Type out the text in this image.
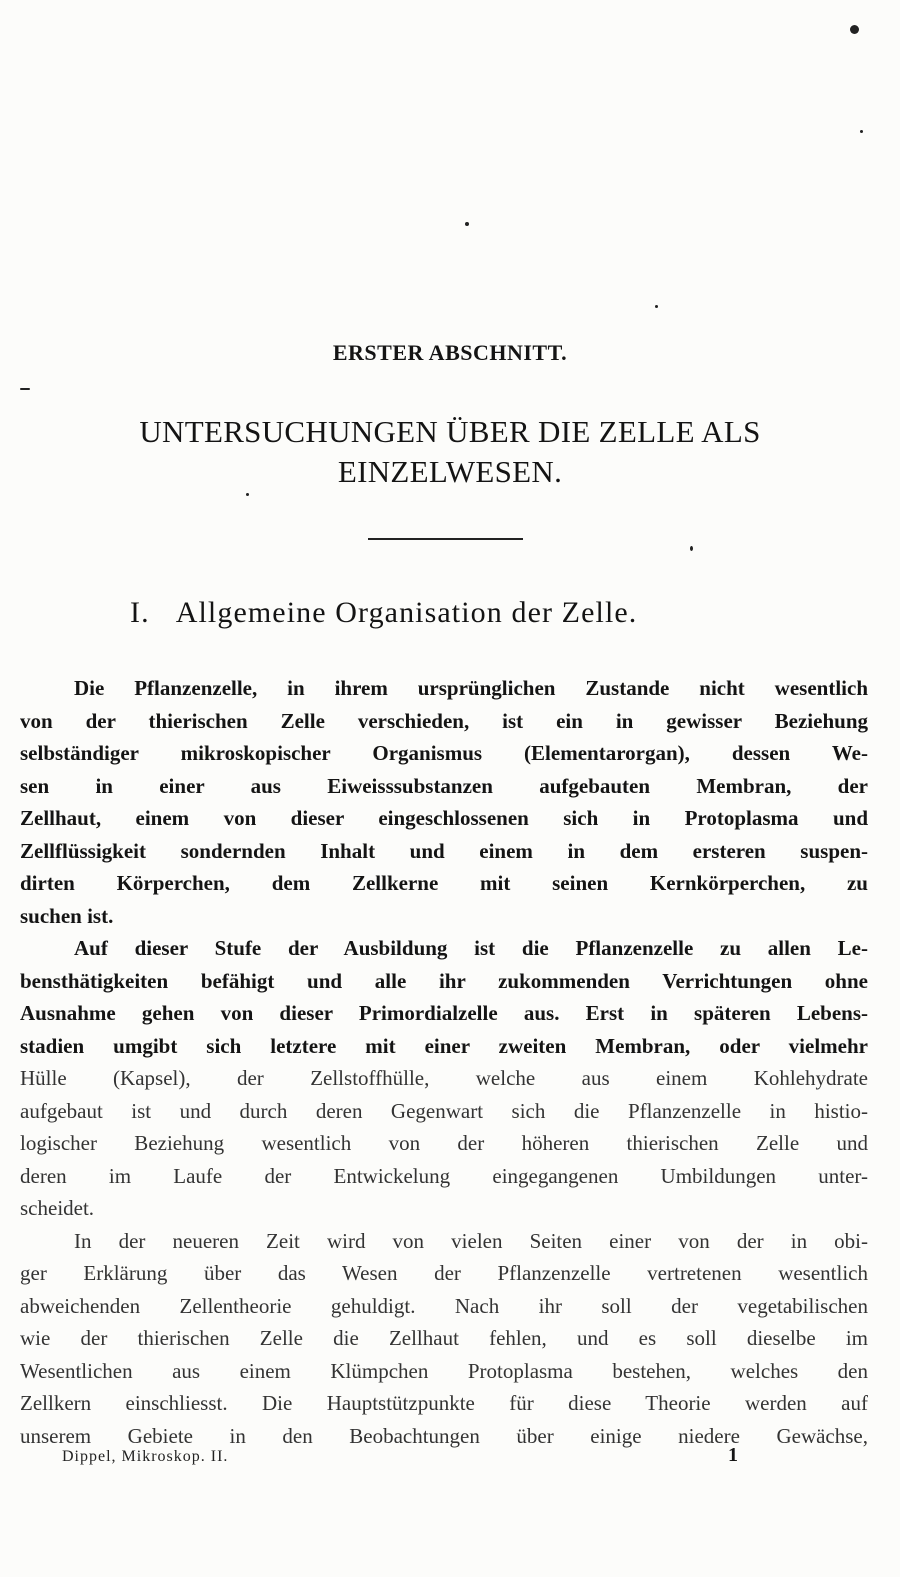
ERSTER ABSCHNITT.
UNTERSUCHUNGEN ÜBER DIE ZELLE ALS
EINZELWESEN.
I. Allgemeine Organisation der Zelle.
Die Pflanzenzelle, in ihrem ursprünglichen Zustande nicht wesentlich
von der thierischen Zelle verschieden, ist ein in gewisser Beziehung
selbständiger mikroskopischer Organismus (Elementarorgan), dessen We-
sen in einer aus Eiweisssubstanzen aufgebauten Membran, der
Zellhaut, einem von dieser eingeschlossenen sich in Protoplasma und
Zellflüssigkeit sondernden Inhalt und einem in dem ersteren suspen-
dirten Körperchen, dem Zellkerne mit seinen Kernkörperchen, zu
suchen ist.
Auf dieser Stufe der Ausbildung ist die Pflanzenzelle zu allen Le-
bensthätigkeiten befähigt und alle ihr zukommenden Verrichtungen ohne
Ausnahme gehen von dieser Primordialzelle aus. Erst in späteren Lebens-
stadien umgibt sich letztere mit einer zweiten Membran, oder vielmehr
Hülle (Kapsel), der Zellstoffhülle, welche aus einem Kohlehydrate
aufgebaut ist und durch deren Gegenwart sich die Pflanzenzelle in histio-
logischer Beziehung wesentlich von der höheren thierischen Zelle und
deren im Laufe der Entwickelung eingegangenen Umbildungen unter-
scheidet.
In der neueren Zeit wird von vielen Seiten einer von der in obi-
ger Erklärung über das Wesen der Pflanzenzelle vertretenen wesentlich
abweichenden Zellentheorie gehuldigt. Nach ihr soll der vegetabilischen
wie der thierischen Zelle die Zellhaut fehlen, und es soll dieselbe im
Wesentlichen aus einem Klümpchen Protoplasma bestehen, welches den
Zellkern einschliesst. Die Hauptstützpunkte für diese Theorie werden auf
unserem Gebiete in den Beobachtungen über einige niedere Gewächse,
Dippel, Mikroskop. II.	1
